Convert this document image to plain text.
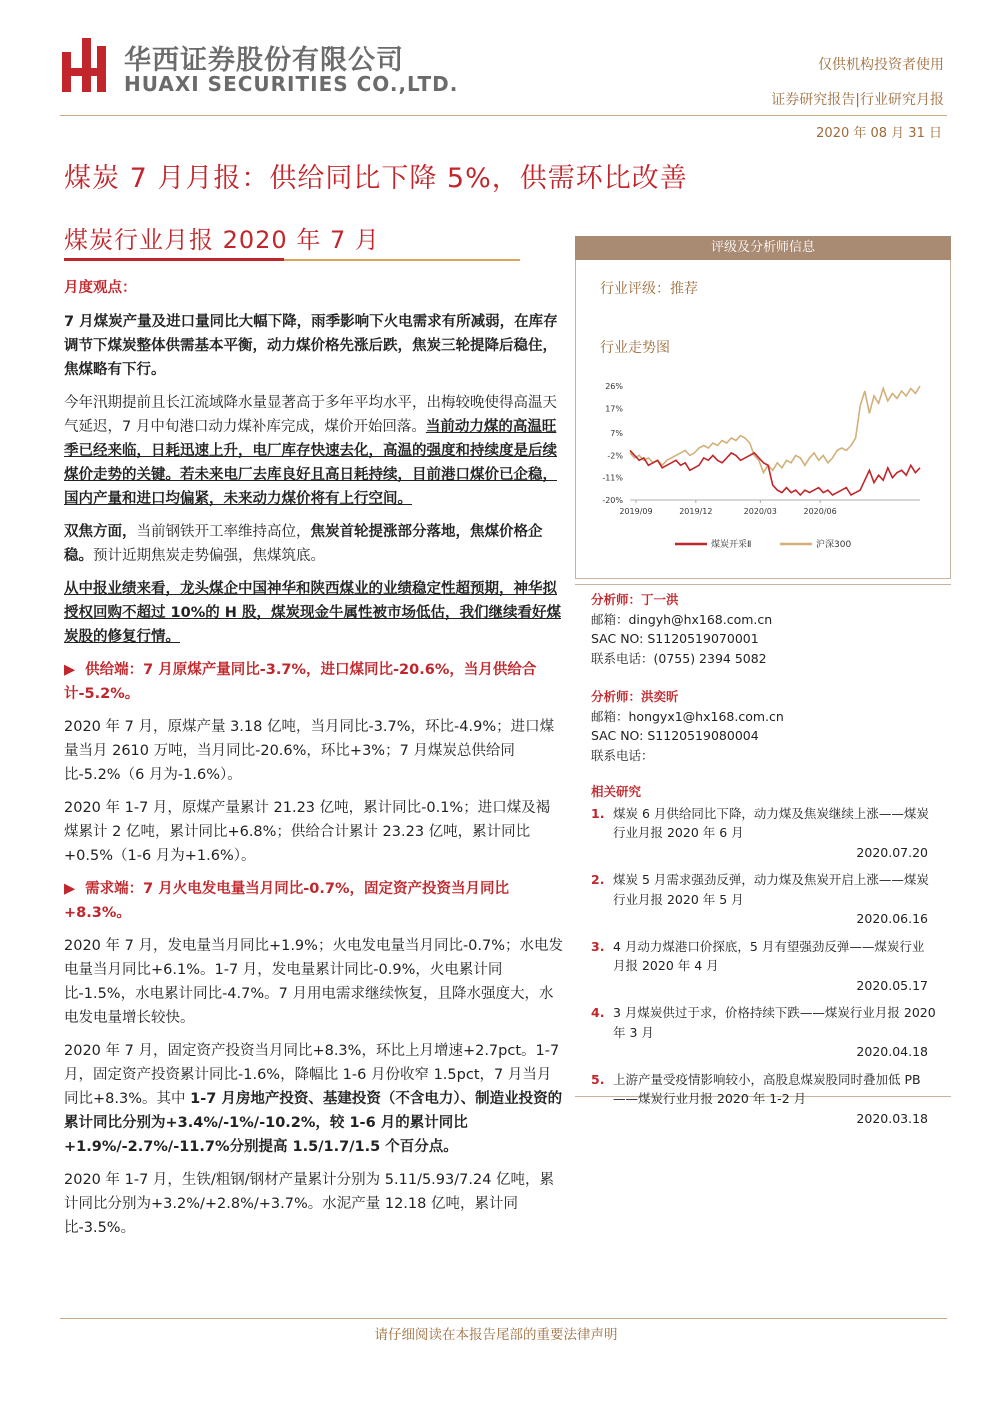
华西证券股份有限公司
HUAXI SECURITIES CO.,LTD.
仅供机构投资者使用
证券研究报告|行业研究月报
2020 年 08 月 31 日
煤炭 7 月月报：供给同比下降 5%，供需环比改善
煤炭行业月报 2020 年 7 月

月度观点：

7 月煤炭产量及进口量同比大幅下降，雨季影响下火电需求有所减弱，在库存调节下煤炭整体供需基本平衡，动力煤价格先涨后跌，焦炭三轮提降后稳住，焦煤略有下行。

今年汛期提前且长江流域降水量显著高于多年平均水平，出梅较晚使得高温天气延迟，7 月中旬港口动力煤补库完成，煤价开始回落。当前动力煤的高温旺季已经来临，日耗迅速上升，电厂库存快速去化，高温的强度和持续度是后续煤价走势的关键。若未来电厂去库良好且高日耗持续，目前港口煤价已企稳，国内产量和进口均偏紧，未来动力煤价将有上行空间。

双焦方面，当前钢铁开工率维持高位，焦炭首轮提涨部分落地，焦煤价格企稳。预计近期焦炭走势偏强，焦煤筑底。

从中报业绩来看，龙头煤企中国神华和陕西煤业的业绩稳定性超预期，神华拟授权回购不超过 10%的 H 股，煤炭现金牛属性被市场低估，我们继续看好煤炭股的修复行情。

▶ 供给端：7 月原煤产量同比-3.7%，进口煤同比-20.6%，当月供给合计-5.2%。

2020 年 7 月，原煤产量 3.18 亿吨，当月同比-3.7%，环比-4.9%；进口煤量当月 2610 万吨，当月同比-20.6%，环比+3%；7 月煤炭总供给同比-5.2%（6 月为-1.6%）。

2020 年 1-7 月，原煤产量累计 21.23 亿吨，累计同比-0.1%；进口煤及褐煤累计 2 亿吨，累计同比+6.8%；供给合计累计 23.23 亿吨，累计同比+0.5%（1-6 月为+1.6%）。

▶ 需求端：7 月火电发电量当月同比-0.7%，固定资产投资当月同比+8.3%。

2020 年 7 月，发电量当月同比+1.9%；火电发电量当月同比-0.7%；水电发电量当月同比+6.1%。1-7 月，发电量累计同比-0.9%，火电累计同比-1.5%，水电累计同比-4.7%。7 月用电需求继续恢复，且降水强度大，水电发电量增长较快。

2020 年 7 月，固定资产投资当月同比+8.3%，环比上月增速+2.7pct。1-7 月，固定资产投资累计同比-1.6%，降幅比 1-6 月份收窄 1.5pct，7 月当月同比+8.3%。其中 1-7 月房地产投资、基建投资（不含电力）、制造业投资的累计同比分别为+3.4%/-1%/-10.2%，较 1-6 月的累计同比+1.9%/-2.7%/-11.7%分别提高 1.5/1.7/1.5 个百分点。

2020 年 1-7 月，生铁/粗钢/钢材产量累计分别为 5.11/5.93/7.24 亿吨，累计同比分别为+3.2%/+2.8%/+3.7%。水泥产量 12.18 亿吨，累计同比-3.5%。

评级及分析师信息
行业评级：推荐
行业走势图
26%
17%
7%
-2%
-11%
-20%
2019/09	2019/12	2020/03	2020/06
煤炭开采Ⅱ	沪深300
分析师：丁一洪
邮箱：dingyh@hx168.com.cn
SAC NO: S1120519070001
联系电话：(0755) 2394 5082
分析师：洪奕昕
邮箱：hongyx1@hx168.com.cn
SAC NO: S1120519080004
联系电话：
相关研究
1. 煤炭 6 月供给同比下降，动力煤及焦炭继续上涨——煤炭行业月报 2020 年 6 月
2020.07.20
2. 煤炭 5 月需求强劲反弹，动力煤及焦炭开启上涨——煤炭行业月报 2020 年 5 月
2020.06.16
3. 4 月动力煤港口价探底，5 月有望强劲反弹——煤炭行业月报 2020 年 4 月
2020.05.17
4. 3 月煤炭供过于求，价格持续下跌——煤炭行业月报 2020 年 3 月
2020.04.18
5. 上游产量受疫情影响较小，高股息煤炭股同时叠加低 PB——煤炭行业月报 2020 年 1-2 月
2020.03.18
请仔细阅读在本报告尾部的重要法律声明
